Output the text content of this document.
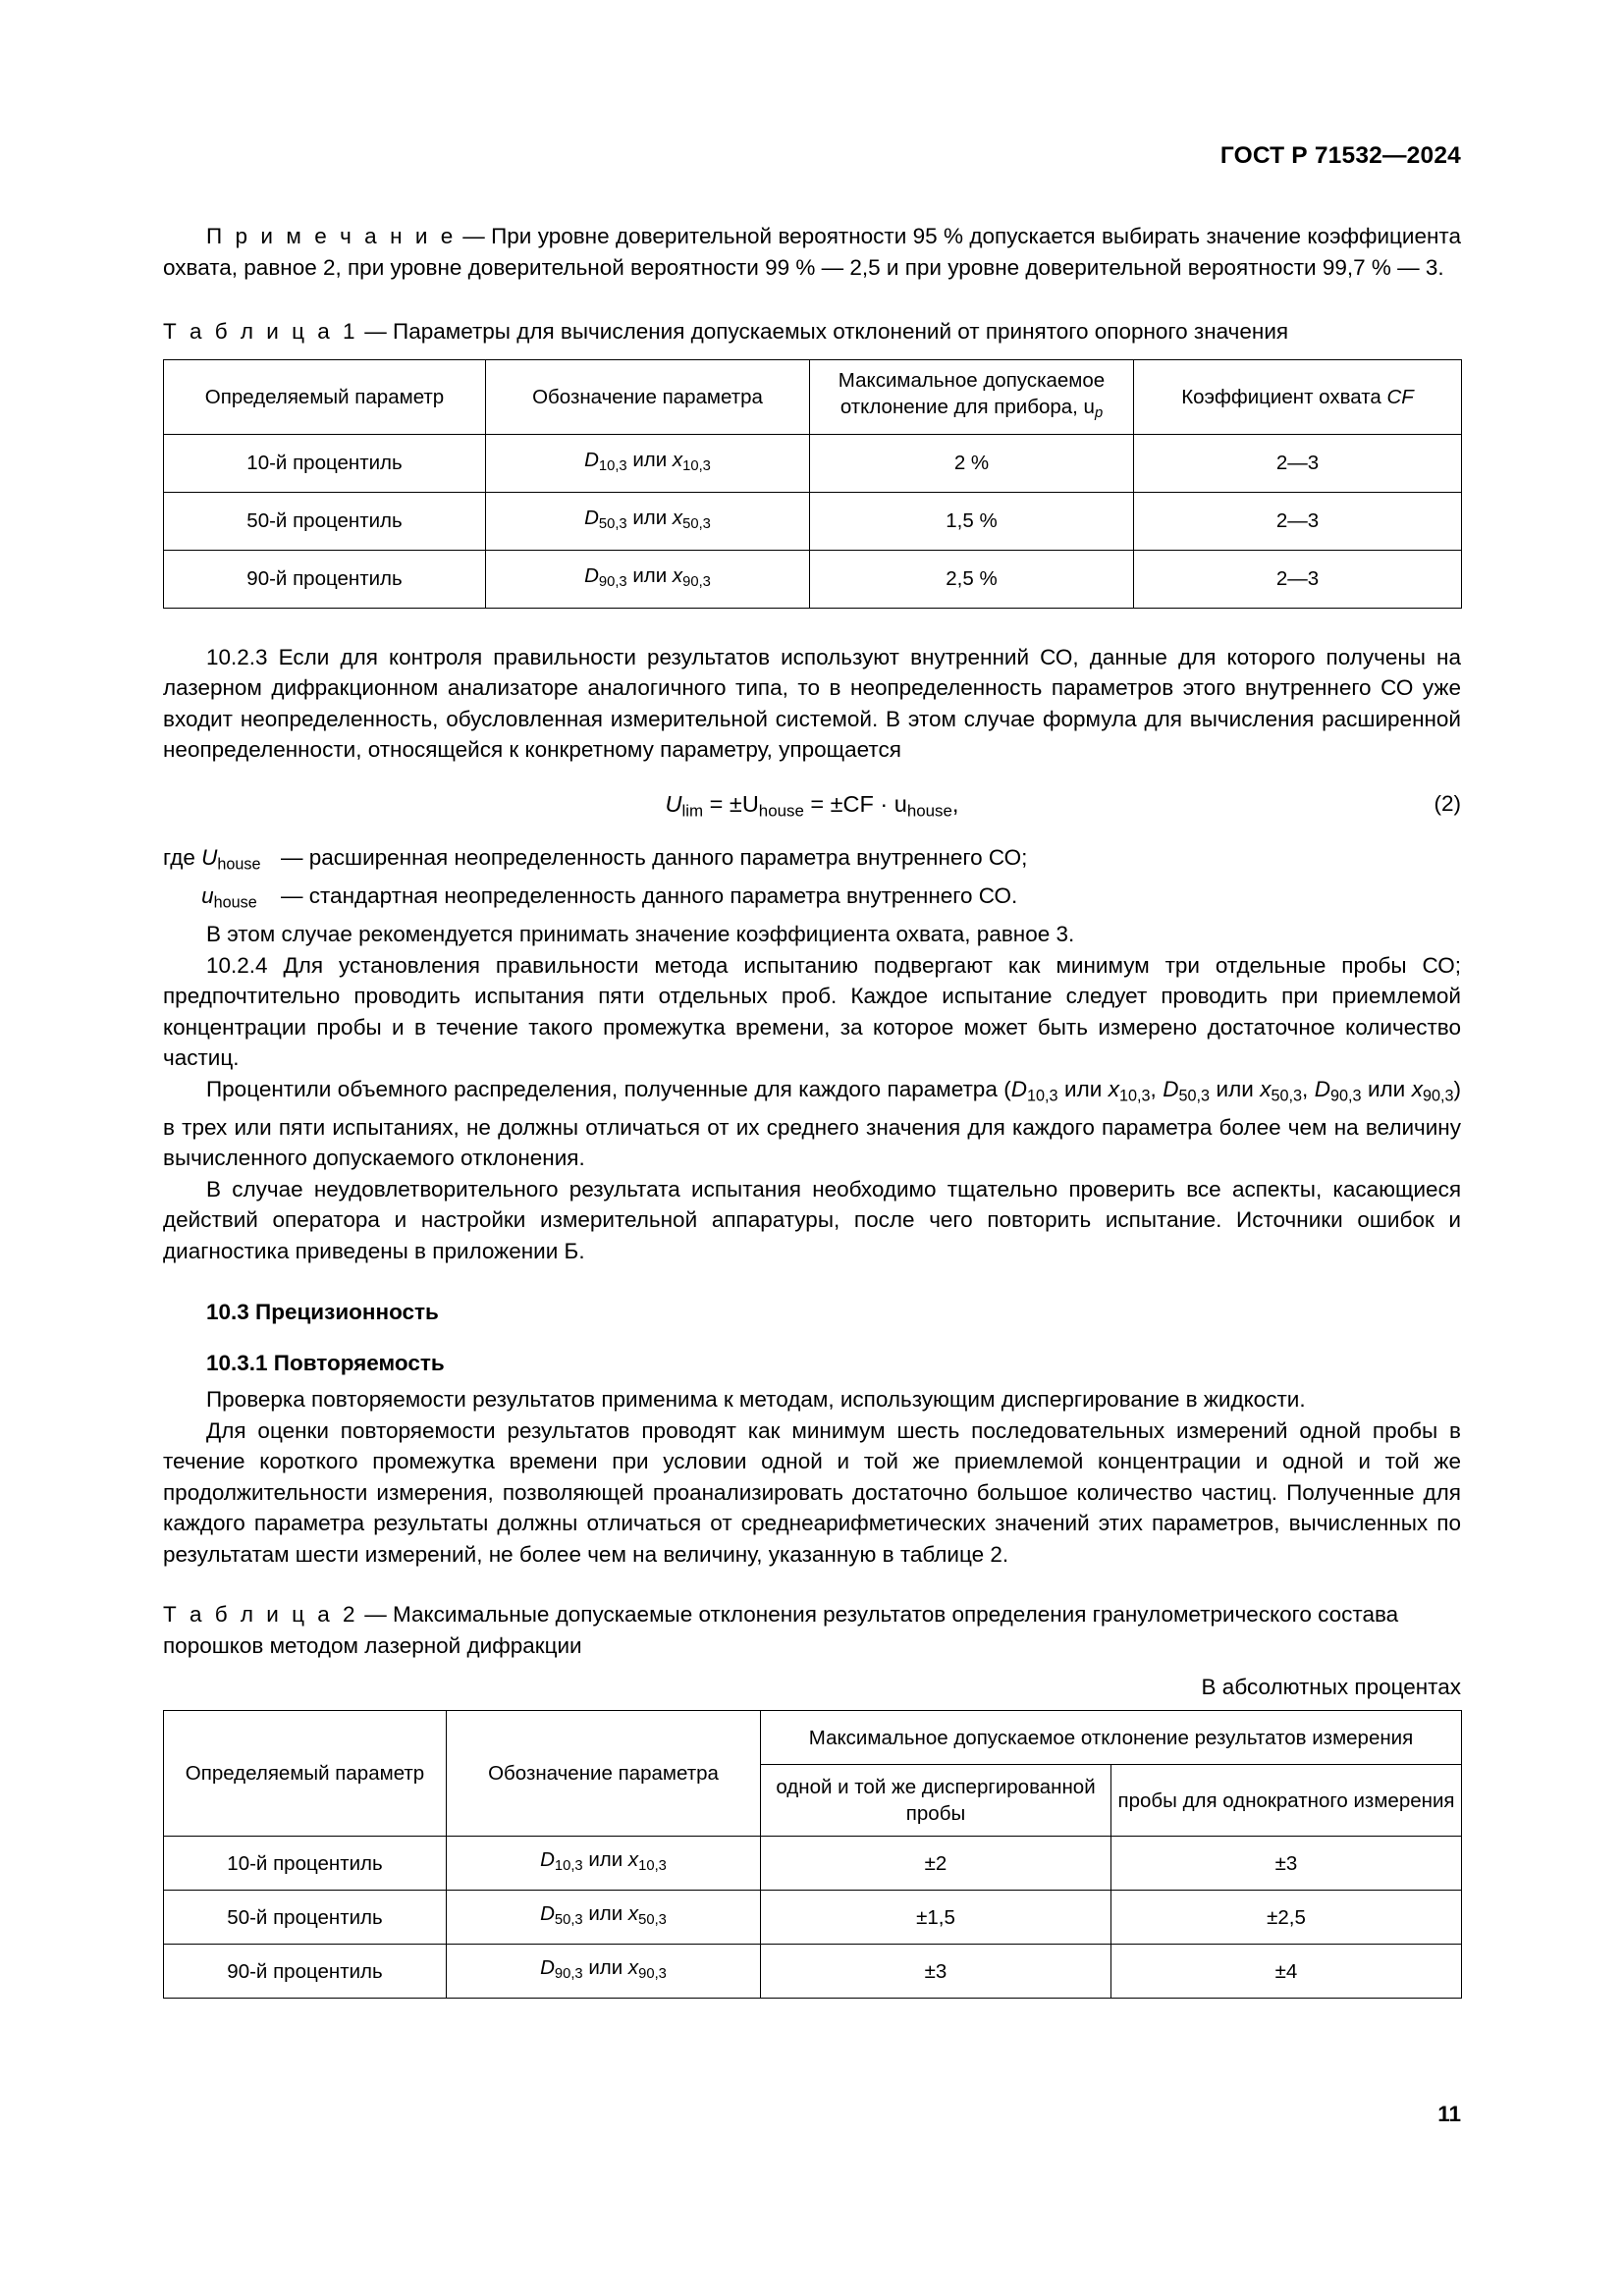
ГОСТ Р 71532—2024

П р и м е ч а н и е — При уровне доверительной вероятности 95 % допускается выбирать значение коэффициента охвата, равное 2, при уровне доверительной вероятности 99 % — 2,5 и при уровне доверительной вероятности 99,7 % — 3.

Т а б л и ц а 1 — Параметры для вычисления допускаемых отклонений от принятого опорного значения
Определяемый параметр	Обозначение параметра	Максимальное допускаемое отклонение для прибора, $u_р$	Коэффициент охвата CF
10-й процентиль	$D_{10,3}$ или $x_{10,3}$	2 %	2—3
50-й процентиль	$D_{50,3}$ или $x_{50,3}$	1,5 %	2—3
90-й процентиль	$D_{90,3}$ или $x_{90,3}$	2,5 %	2—3

10.2.3 Если для контроля правильности результатов используют внутренний СО, данные для которого получены на лазерном дифракционном анализаторе аналогичного типа, то в неопределенность параметров этого внутреннего СО уже входит неопределенность, обусловленная измерительной системой. В этом случае формула для вычисления расширенной неопределенности, относящейся к конкретному параметру, упрощается

$U_{lim} = \pm U_{house} = \pm CF \cdot u_{house}$,	(2)
где $U_{house}$ — расширенная неопределенность данного параметра внутреннего СО;
$u_{house}$	— стандартная неопределенность данного параметра внутреннего СО.

В этом случае рекомендуется принимать значение коэффициента охвата, равное 3.

10.2.4 Для установления правильности метода испытанию подвергают как минимум три отдельные пробы СО; предпочтительно проводить испытания пяти отдельных проб. Каждое испытание следует проводить при приемлемой концентрации пробы и в течение такого промежутка времени, за которое может быть измерено достаточное количество частиц.

Процентили объемного распределения, полученные для каждого параметра ($D_{10,3}$ или $x_{10,3}$, $D_{50,3}$ или $x_{50,3}$, $D_{90,3}$ или $x_{90,3}$) в трех или пяти испытаниях, не должны отличаться от их среднего значения для каждого параметра более чем на величину вычисленного допускаемого отклонения.

В случае неудовлетворительного результата испытания необходимо тщательно проверить все аспекты, касающиеся действий оператора и настройки измерительной аппаратуры, после чего повторить испытание. Источники ошибок и диагностика приведены в приложении Б.

10.3 Прецизионность
10.3.1 Повторяемость

Проверка повторяемости результатов применима к методам, использующим диспергирование в жидкости.

Для оценки повторяемости результатов проводят как минимум шесть последовательных измерений одной пробы в течение короткого промежутка времени при условии одной и той же приемлемой концентрации и одной и той же продолжительности измерения, позволяющей проанализировать достаточно большое количество частиц. Полученные для каждого параметра результаты должны отличаться от среднеарифметических значений этих параметров, вычисленных по результатам шести измерений, не более чем на величину, указанную в таблице 2.

Т а б л и ц а 2 — Максимальные допускаемые отклонения результатов определения гранулометрического состава порошков методом лазерной дифракции
В абсолютных процентах
Определяемый параметр	Обозначение параметра	Максимальное допускаемое отклонение результатов измерения	
		одной и той же диспергированной пробы	пробы для однократного измерения
10-й процентиль	$D_{10,3}$ или $x_{10,3}$	±2	±3
50-й процентиль	$D_{50,3}$ или $x_{50,3}$	±1,5	±2,5
90-й процентиль	$D_{90,3}$ или $x_{90,3}$	±3	±4
11
